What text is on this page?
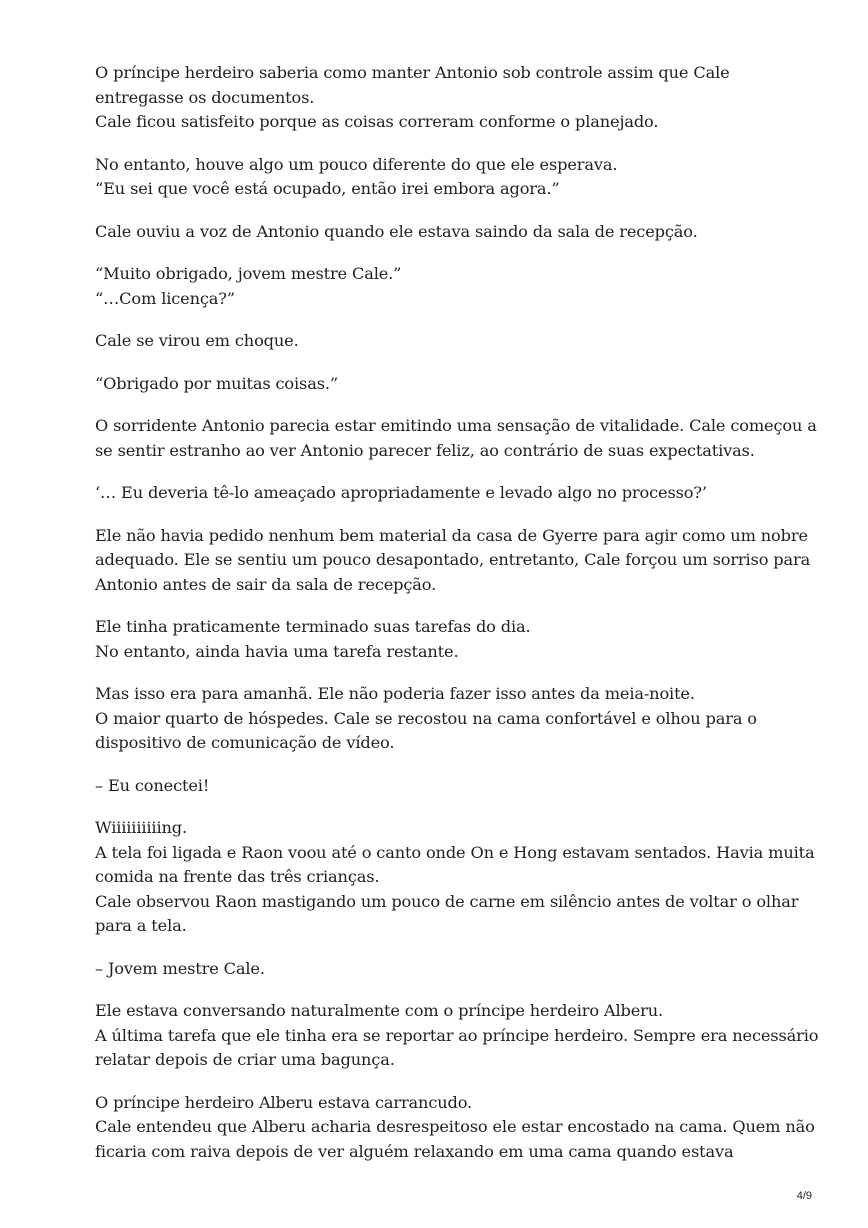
O príncipe herdeiro saberia como manter Antonio sob controle assim que Cale
entregasse os documentos.
Cale ficou satisfeito porque as coisas correram conforme o planejado.

No entanto, houve algo um pouco diferente do que ele esperava.
“Eu sei que você está ocupado, então irei embora agora.”

Cale ouviu a voz de Antonio quando ele estava saindo da sala de recepção.

“Muito obrigado, jovem mestre Cale.”
“…Com licença?”

Cale se virou em choque.

“Obrigado por muitas coisas.”

O sorridente Antonio parecia estar emitindo uma sensação de vitalidade. Cale começou a
se sentir estranho ao ver Antonio parecer feliz, ao contrário de suas expectativas.

‘… Eu deveria tê-lo ameaçado apropriadamente e levado algo no processo?’

Ele não havia pedido nenhum bem material da casa de Gyerre para agir como um nobre
adequado. Ele se sentiu um pouco desapontado, entretanto, Cale forçou um sorriso para
Antonio antes de sair da sala de recepção.

Ele tinha praticamente terminado suas tarefas do dia.
No entanto, ainda havia uma tarefa restante.

Mas isso era para amanhã. Ele não poderia fazer isso antes da meia-noite.
O maior quarto de hóspedes. Cale se recostou na cama confortável e olhou para o
dispositivo de comunicação de vídeo.

– Eu conectei!

Wiiiiiiiiiing.
A tela foi ligada e Raon voou até o canto onde On e Hong estavam sentados. Havia muita
comida na frente das três crianças.
Cale observou Raon mastigando um pouco de carne em silêncio antes de voltar o olhar
para a tela.

– Jovem mestre Cale.

Ele estava conversando naturalmente com o príncipe herdeiro Alberu.
A última tarefa que ele tinha era se reportar ao príncipe herdeiro. Sempre era necessário
relatar depois de criar uma bagunça.

O príncipe herdeiro Alberu estava carrancudo.
Cale entendeu que Alberu acharia desrespeitoso ele estar encostado na cama. Quem não
ficaria com raiva depois de ver alguém relaxando em uma cama quando estava

4/9
